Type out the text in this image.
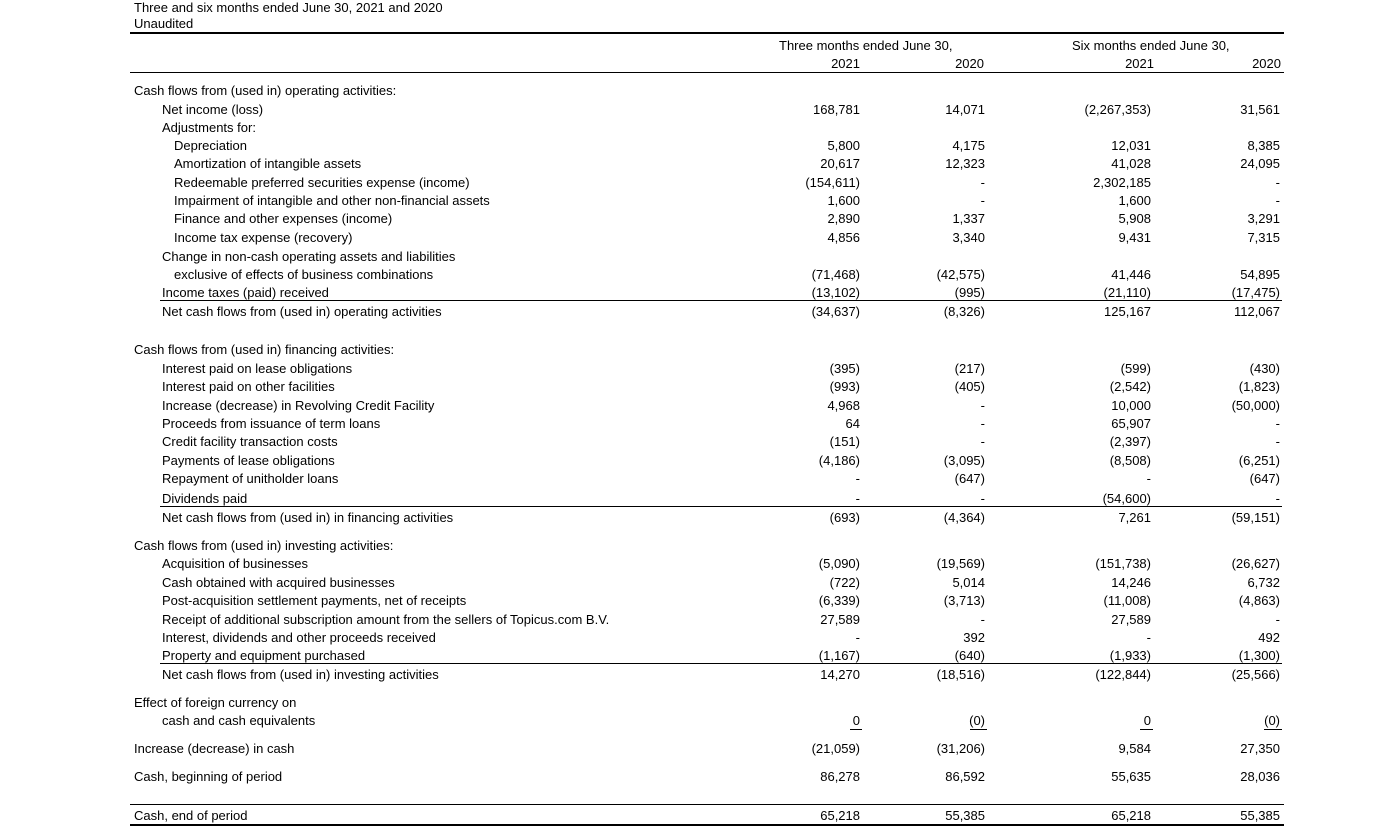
Three and six months ended June 30, 2021 and 2020
Unaudited
Three months ended June 30,	Six months ended June 30,
2021	2020	2021	2020
Cash flows from (used in) operating activities:
Net income (loss)	168,781	14,071	(2,267,353)	31,561
Adjustments for:
Depreciation	5,800	4,175	12,031	8,385
Amortization of intangible assets	20,617	12,323	41,028	24,095
Redeemable preferred securities expense (income)	(154,611)	-	2,302,185	-
Impairment of intangible and other non-financial assets	1,600	-	1,600	-
Finance and other expenses (income)	2,890	1,337	5,908	3,291
Income tax expense (recovery)	4,856	3,340	9,431	7,315
Change in non-cash operating assets and liabilities
exclusive of effects of business combinations	(71,468)	(42,575)	41,446	54,895
Income taxes (paid) received	(13,102)	(995)	(21,110)	(17,475)
Net cash flows from (used in) operating activities	(34,637)	(8,326)	125,167	112,067
Cash flows from (used in) financing activities:
Interest paid on lease obligations	(395)	(217)	(599)	(430)
Interest paid on other facilities	(993)	(405)	(2,542)	(1,823)
Increase (decrease) in Revolving Credit Facility	4,968	-	10,000	(50,000)
Proceeds from issuance of term loans	64	-	65,907	-
Credit facility transaction costs	(151)	-	(2,397)	-
Payments of lease obligations	(4,186)	(3,095)	(8,508)	(6,251)
Repayment of unitholder loans	-	(647)	-	(647)
Dividends paid	-	-	(54,600)	-
Net cash flows from (used in) in financing activities	(693)	(4,364)	7,261	(59,151)
Cash flows from (used in) investing activities:
Acquisition of businesses	(5,090)	(19,569)	(151,738)	(26,627)
Cash obtained with acquired businesses	(722)	5,014	14,246	6,732
Post-acquisition settlement payments, net of receipts	(6,339)	(3,713)	(11,008)	(4,863)
Receipt of additional subscription amount from the sellers of Topicus.com B.V.	27,589	-	27,589	-
Interest, dividends and other proceeds received	-	392	-	492
Property and equipment purchased	(1,167)	(640)	(1,933)	(1,300)
Net cash flows from (used in) investing activities	14,270	(18,516)	(122,844)	(25,566)
Effect of foreign currency on
cash and cash equivalents	0	(0)	0	(0)
Increase (decrease) in cash	(21,059)	(31,206)	9,584	27,350
Cash, beginning of period	86,278	86,592	55,635	28,036
Cash, end of period	65,218	55,385	65,218	55,385
